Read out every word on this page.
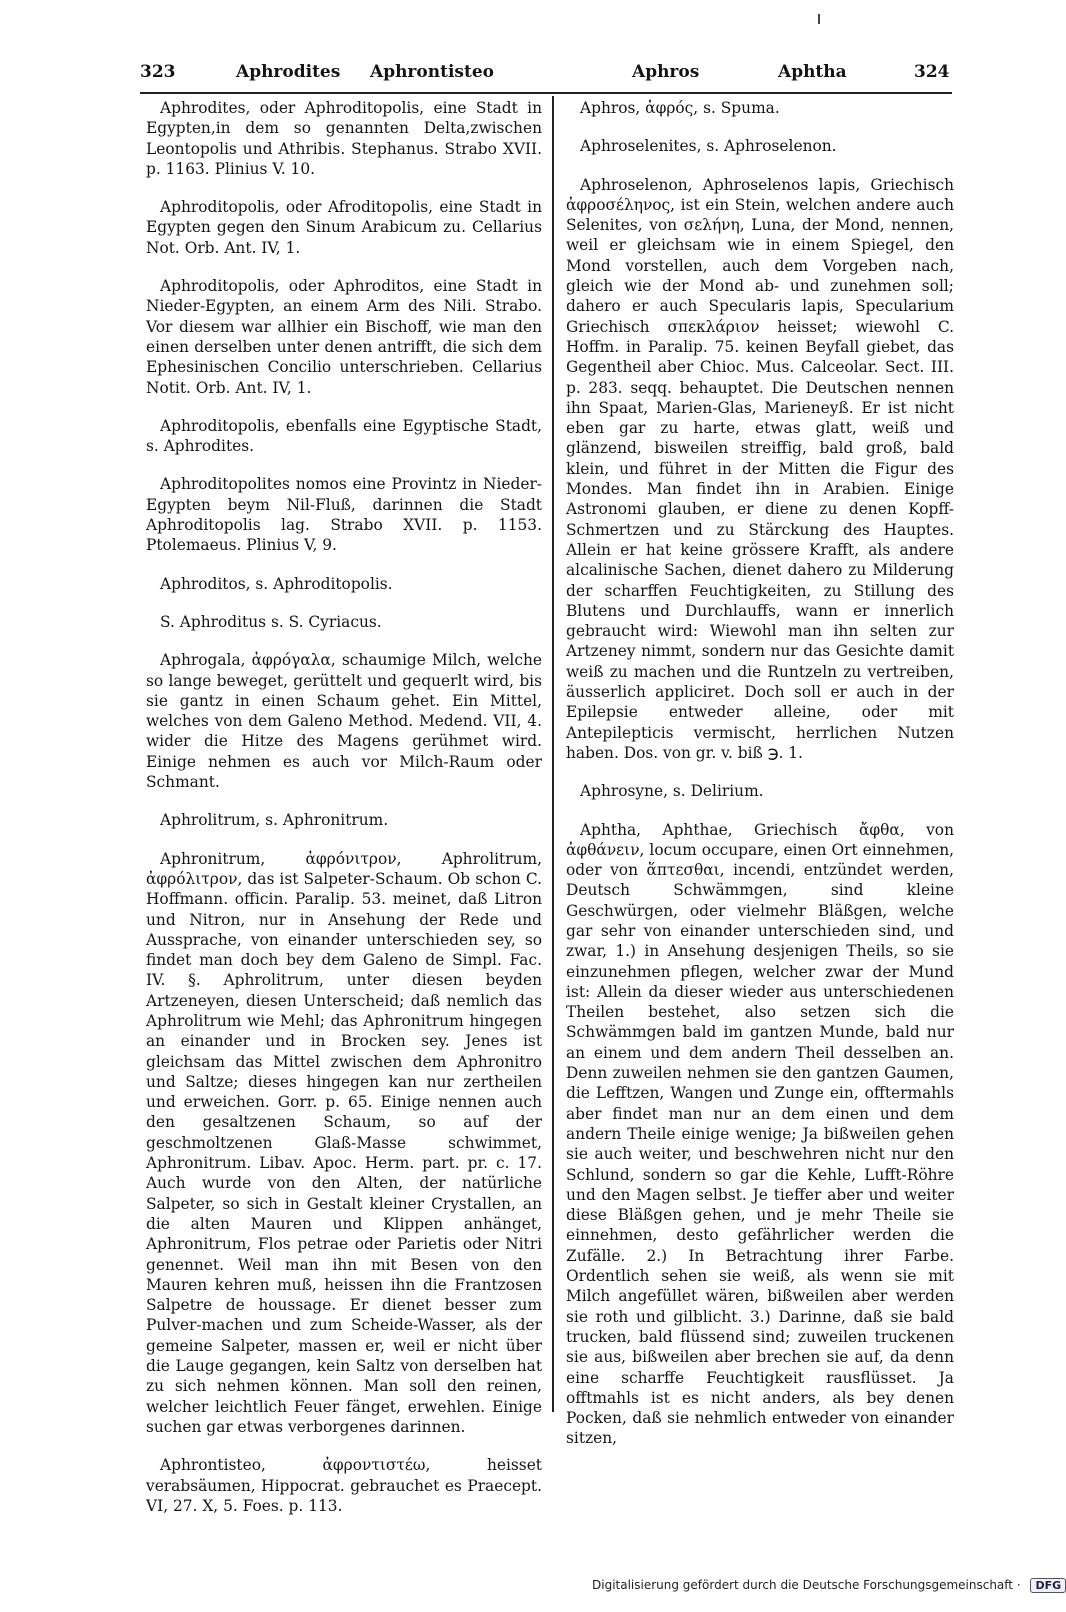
323	Aphrodites Aphrontisteo	Aphros	Aphtha	324

Aphrodites, oder Aphroditopolis, eine Stadt in Egypten,in dem so genannten Delta,zwischen Leontopolis und Athribis. Stephanus. Strabo XVII. p. 1163. Plinius V. 10.

Aphroditopolis, oder Afroditopolis, eine Stadt in Egypten gegen den Sinum Arabicum zu. Cellarius Not. Orb. Ant. IV, 1.

Aphroditopolis, oder Aphroditos, eine Stadt in Nieder-Egypten, an einem Arm des Nili. Strabo. Vor diesem war allhier ein Bischoff, wie man den einen derselben unter denen antrifft, die sich dem Ephesinischen Concilio unterschrieben. Cellarius Notit. Orb. Ant. IV, 1.

Aphroditopolis, ebenfalls eine Egyptische Stadt, s. Aphrodites.

Aphroditopolites nomos eine Provintz in Nieder-Egypten beym Nil-Fluß, darinnen die Stadt Aphroditopolis lag. Strabo XVII. p. 1153. Ptolemaeus. Plinius V, 9.

Aphroditos, s. Aphroditopolis.

S. Aphroditus s. S. Cyriacus.

Aphrogala, ἀφρόγαλα, schaumige Milch, welche so lange beweget, gerüttelt und gequerlt wird, bis sie gantz in einen Schaum gehet. Ein Mittel, welches von dem Galeno Method. Medend. VII, 4. wider die Hitze des Magens gerühmet wird. Einige nehmen es auch vor Milch-Raum oder Schmant.

Aphrolitrum, s. Aphronitrum.

Aphronitrum, ἀφρόνιτρον, Aphrolitrum, ἀφρόλιτρον, das ist Salpeter-Schaum. Ob schon C. Hoffmann. officin. Paralip. 53. meinet, daß Litron und Nitron, nur in Ansehung der Rede und Aussprache, von einander unterschieden sey, so findet man doch bey dem Galeno de Simpl. Fac. IV. §. Aphrolitrum, unter diesen beyden Artzeneyen, diesen Unterscheid; daß nemlich das Aphrolitrum wie Mehl; das Aphronitrum hingegen an einander und in Brocken sey. Jenes ist gleichsam das Mittel zwischen dem Aphronitro und Saltze; dieses hingegen kan nur zertheilen und erweichen. Gorr. p. 65. Einige nennen auch den gesaltzenen Schaum, so auf der geschmoltzenen Glaß-Masse schwimmet, Aphronitrum. Libav. Apoc. Herm. part. pr. c. 17. Auch wurde von den Alten, der natürliche Salpeter, so sich in Gestalt kleiner Crystallen, an die alten Mauren und Klippen anhänget, Aphronitrum, Flos petrae oder Parietis oder Nitri genennet. Weil man ihn mit Besen von den Mauren kehren muß, heissen ihn die Frantzosen Salpetre de houssage. Er dienet besser zum Pulver-machen und zum Scheide-Wasser, als der gemeine Salpeter, massen er, weil er nicht über die Lauge gegangen, kein Saltz von derselben hat zu sich nehmen können. Man soll den reinen, welcher leichtlich Feuer fänget, erwehlen. Einige suchen gar etwas verborgenes darinnen.

Aphrontisteo, ἀφροντιστέω, heisset verabsäumen, Hippocrat. gebrauchet es Praecept. VI, 27. X, 5. Foes. p. 113.

Aphros, ἀφρός, s. Spuma.

Aphroselenites, s. Aphroselenon.

Aphroselenon, Aphroselenos lapis, Griechisch ἀφροσέληνος, ist ein Stein, welchen andere auch Selenites, von σελήνη, Luna, der Mond, nennen, weil er gleichsam wie in einem Spiegel, den Mond vorstellen, auch dem Vorgeben nach, gleich wie der Mond ab- und zunehmen soll; dahero er auch Specularis lapis, Specularium Griechisch σπεκλάριον heisset; wiewohl C. Hoffm. in Paralip. 75. keinen Beyfall giebet, das Gegentheil aber Chioc. Mus. Calceolar. Sect. III. p. 283. seqq. behauptet. Die Deutschen nennen ihn Spaat, Marien-Glas, Marieneyß. Er ist nicht eben gar zu harte, etwas glatt, weiß und glänzend, bisweilen streiffig, bald groß, bald klein, und führet in der Mitten die Figur des Mondes. Man findet ihn in Arabien. Einige Astronomi glauben, er diene zu denen Kopff-Schmertzen und zu Stärckung des Hauptes. Allein er hat keine grössere Krafft, als andere alcalinische Sachen, dienet dahero zu Milderung der scharffen Feuchtigkeiten, zu Stillung des Blutens und Durchlauffs, wann er innerlich gebraucht wird: Wiewohl man ihn selten zur Artzeney nimmt, sondern nur das Gesichte damit weiß zu machen und die Runtzeln zu vertreiben, äusserlich appliciret. Doch soll er auch in der Epilepsie entweder alleine, oder mit Antepilepticis vermischt, herrlichen Nutzen haben. Dos. von gr. v. biß ℈. 1.

Aphrosyne, s. Delirium.

Aphtha, Aphthae, Griechisch ἄφθα, von ἀφθάνειν, locum occupare, einen Ort einnehmen, oder von ἅπτεσθαι, incendi, entzündet werden, Deutsch Schwämmgen, sind kleine Geschwürgen, oder vielmehr Bläßgen, welche gar sehr von einander unterschieden sind, und zwar, 1.) in Ansehung desjenigen Theils, so sie einzunehmen pflegen, welcher zwar der Mund ist: Allein da dieser wieder aus unterschiedenen Theilen bestehet, also setzen sich die Schwämmgen bald im gantzen Munde, bald nur an einem und dem andern Theil desselben an. Denn zuweilen nehmen sie den gantzen Gaumen, die Lefftzen, Wangen und Zunge ein, offtermahls aber findet man nur an dem einen und dem andern Theile einige wenige; Ja bißweilen gehen sie auch weiter, und beschwehren nicht nur den Schlund, sondern so gar die Kehle, Lufft-Röhre und den Magen selbst. Je tieffer aber und weiter diese Bläßgen gehen, und je mehr Theile sie einnehmen, desto gefährlicher werden die Zufälle. 2.) In Betrachtung ihrer Farbe. Ordentlich sehen sie weiß, als wenn sie mit Milch angefüllet wären, bißweilen aber werden sie roth und gilblicht. 3.) Darinne, daß sie bald trucken, bald flüssend sind; zuweilen truckenen sie aus, bißweilen aber brechen sie auf, da denn eine scharffe Feuchtigkeit rausflüsset. Ja offtmahls ist es nicht anders, als bey denen Pocken, daß sie nehmlich entweder von einander sitzen,

Digitalisierung gefördert durch die Deutsche Forschungsgemeinschaft · DFG
